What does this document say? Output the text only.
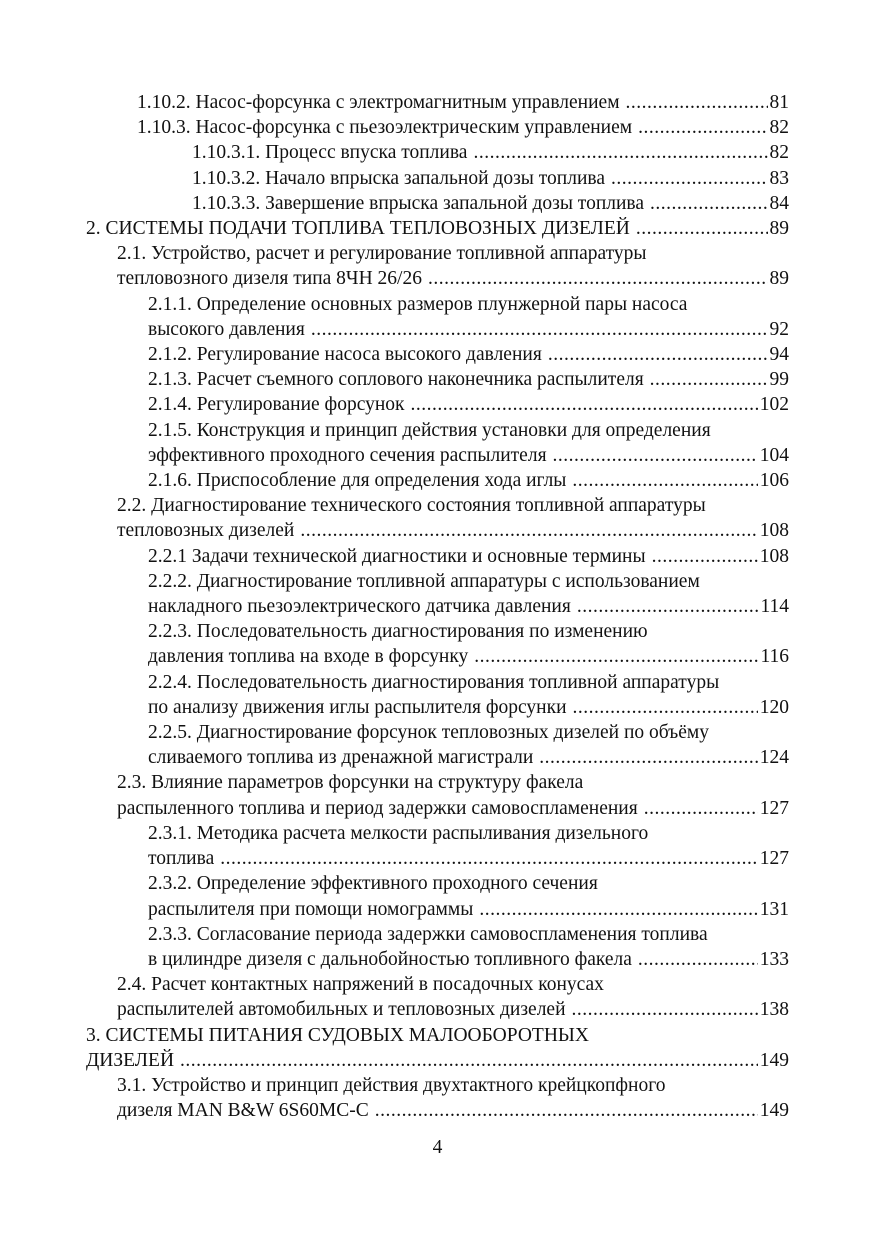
1.10.2. Насос-форсунка с электромагнитным управлением .....	81
1.10.3. Насос-форсунка с пьезоэлектрическим управлением .....	82
1.10.3.1. Процесс впуска топлива .....	82
1.10.3.2. Начало впрыска запальной дозы топлива .....	83
1.10.3.3. Завершение впрыска запальной дозы топлива .....	84
2. СИСТЕМЫ ПОДАЧИ ТОПЛИВА ТЕПЛОВОЗНЫХ ДИЗЕЛЕЙ .....	89
2.1. Устройство, расчет и регулирование топливной аппаратуры
тепловозного дизеля типа 8ЧН 26/26 .....	89
2.1.1. Определение основных размеров плунжерной пары насоса
высокого давления .....	92
2.1.2. Регулирование насоса высокого давления .....	94
2.1.3. Расчет съемного соплового наконечника распылителя .....	99
2.1.4. Регулирование форсунок .....	102
2.1.5. Конструкция и принцип действия установки для определения
эффективного проходного сечения распылителя .....	104
2.1.6. Приспособление для определения хода иглы .....	106
2.2. Диагностирование технического состояния топливной аппаратуры
тепловозных дизелей .....	108
2.2.1 Задачи технической диагностики и основные термины .....	108
2.2.2. Диагностирование топливной аппаратуры с использованием
накладного пьезоэлектрического датчика давления .....	114
2.2.3. Последовательность диагностирования по изменению
давления топлива на входе в форсунку .....	116
2.2.4. Последовательность диагностирования топливной аппаратуры
по анализу движения иглы распылителя форсунки .....	120
2.2.5. Диагностирование форсунок тепловозных дизелей по объёму
сливаемого топлива из дренажной магистрали .....	124
2.3. Влияние параметров форсунки на структуру факела
распыленного топлива и период задержки самовоспламенения .....	127
2.3.1. Методика расчета мелкости распыливания дизельного
топлива .....	127
2.3.2. Определение эффективного проходного сечения
распылителя при помощи номограммы .....	131
2.3.3. Согласование периода задержки самовоспламенения топлива
в цилиндре дизеля с дальнобойностью топливного факела .....	133
2.4. Расчет контактных напряжений в посадочных конусах
распылителей автомобильных и тепловозных дизелей .....	138
3. СИСТЕМЫ ПИТАНИЯ СУДОВЫХ МАЛООБОРОТНЫХ
ДИЗЕЛЕЙ .....	149
3.1. Устройство и принцип действия двухтактного крейцкопфного
дизеля MAN B&W 6S60MC-C .....	149
4
